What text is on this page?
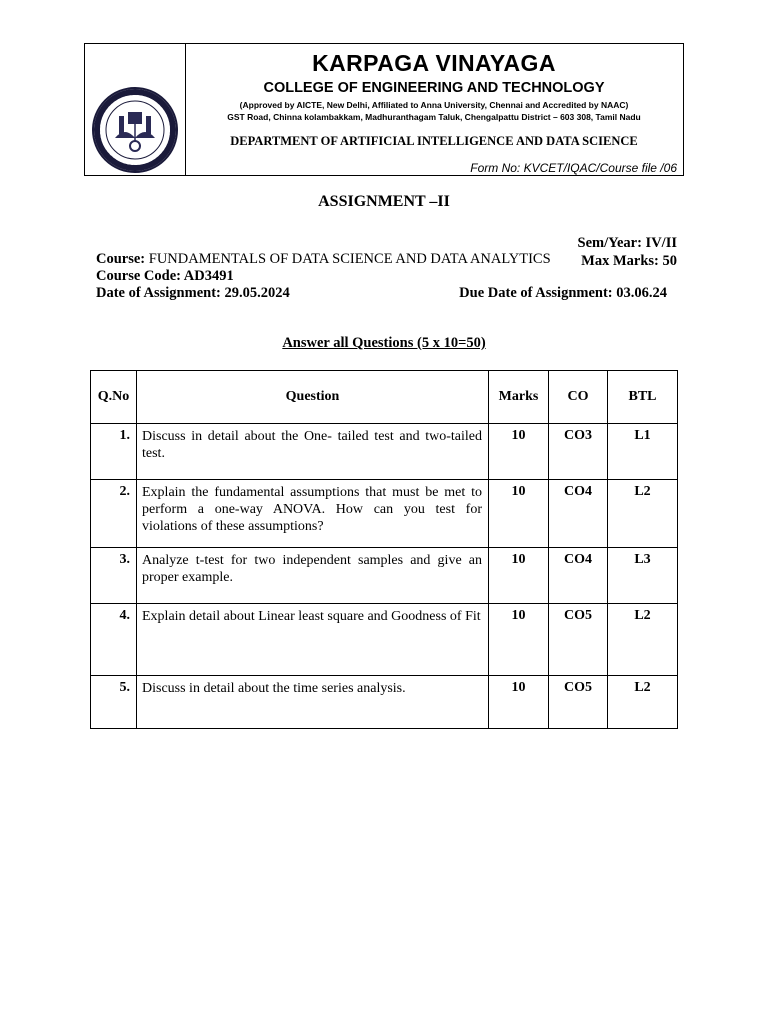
KARPAGA VINAYAGA
COLLEGE OF ENGINEERING AND TECHNOLOGY
(Approved by AICTE, New Delhi, Affiliated to Anna University, Chennai and Accredited by NAAC)
GST Road, Chinna kolambakkam, Madhuranthagam Taluk, Chengalpattu District – 603 308, Tamil Nadu
DEPARTMENT OF ARTIFICIAL INTELLIGENCE AND DATA SCIENCE
Form No: KVCET/IQAC/Course file /06
ASSIGNMENT –II
Course: FUNDAMENTALS OF DATA SCIENCE AND DATA ANALYTICS
Course Code: AD3491
Date of Assignment: 29.05.2024
Sem/Year: IV/II
Max Marks: 50
Due Date of Assignment: 03.06.24
Answer all Questions (5 x 10=50)
Q.No	Question	Marks	CO	BTL
1.	Discuss in detail about the One- tailed test and two-tailed test.	10	CO3	L1
2.	Explain the fundamental assumptions that must be met to perform a one-way ANOVA. How can you test for violations of these assumptions?	10	CO4	L2
3.	Analyze t-test for two independent samples and give an proper example.	10	CO4	L3
4.	Explain detail about Linear least square and Goodness of Fit	10	CO5	L2
5.	Discuss in detail about the time series analysis.	10	CO5	L2
